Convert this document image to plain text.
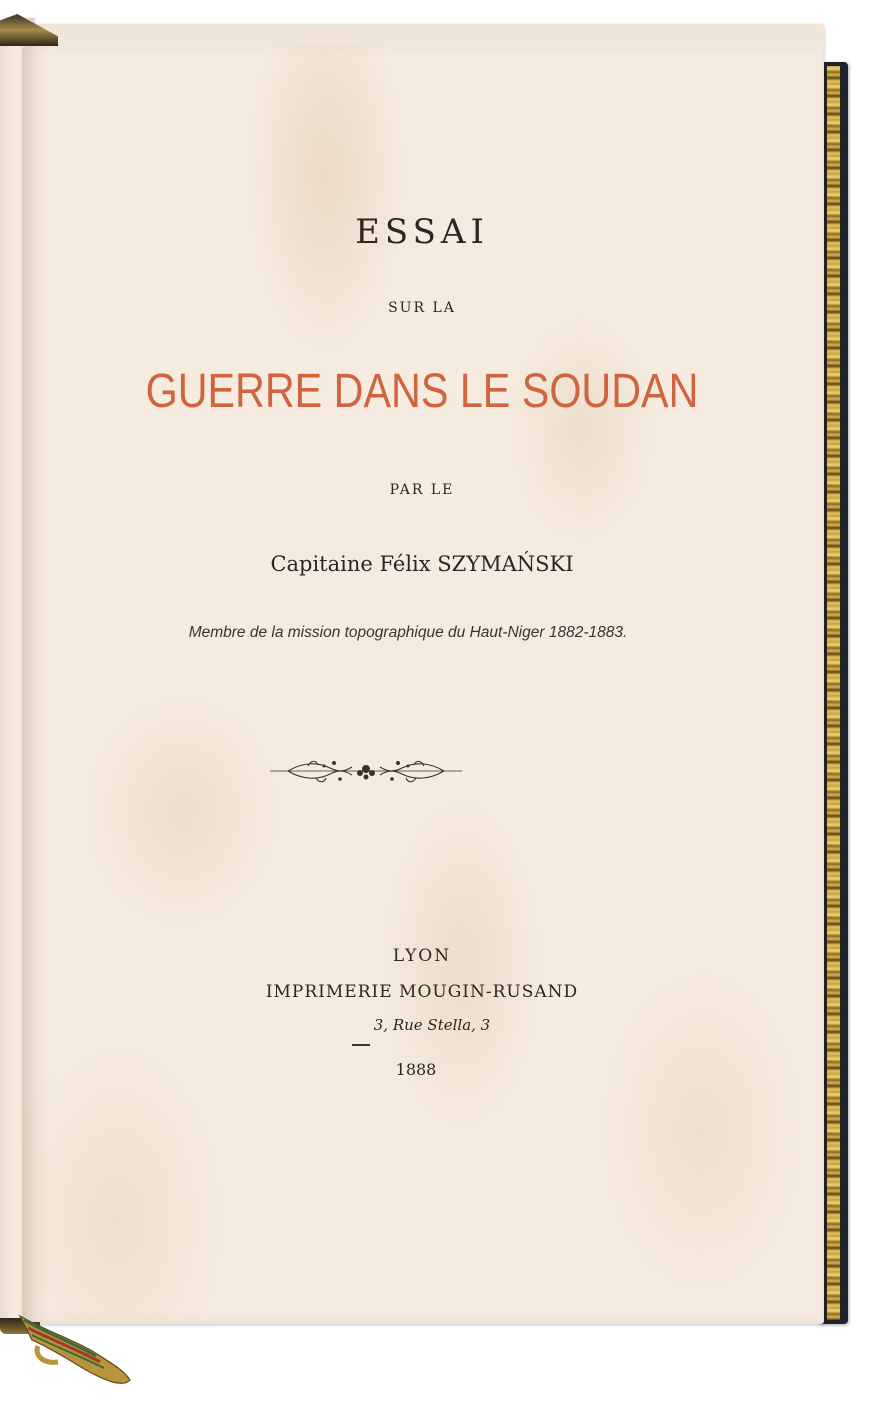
ESSAI

SUR LA

GUERRE DANS LE SOUDAN

PAR LE

Capitaine Félix SZYMAŃSKI

Membre de la mission topographique du Haut-Niger 1882-1883.

LYON

IMPRIMERIE MOUGIN-RUSAND

3, Rue Stella, 3

1888
